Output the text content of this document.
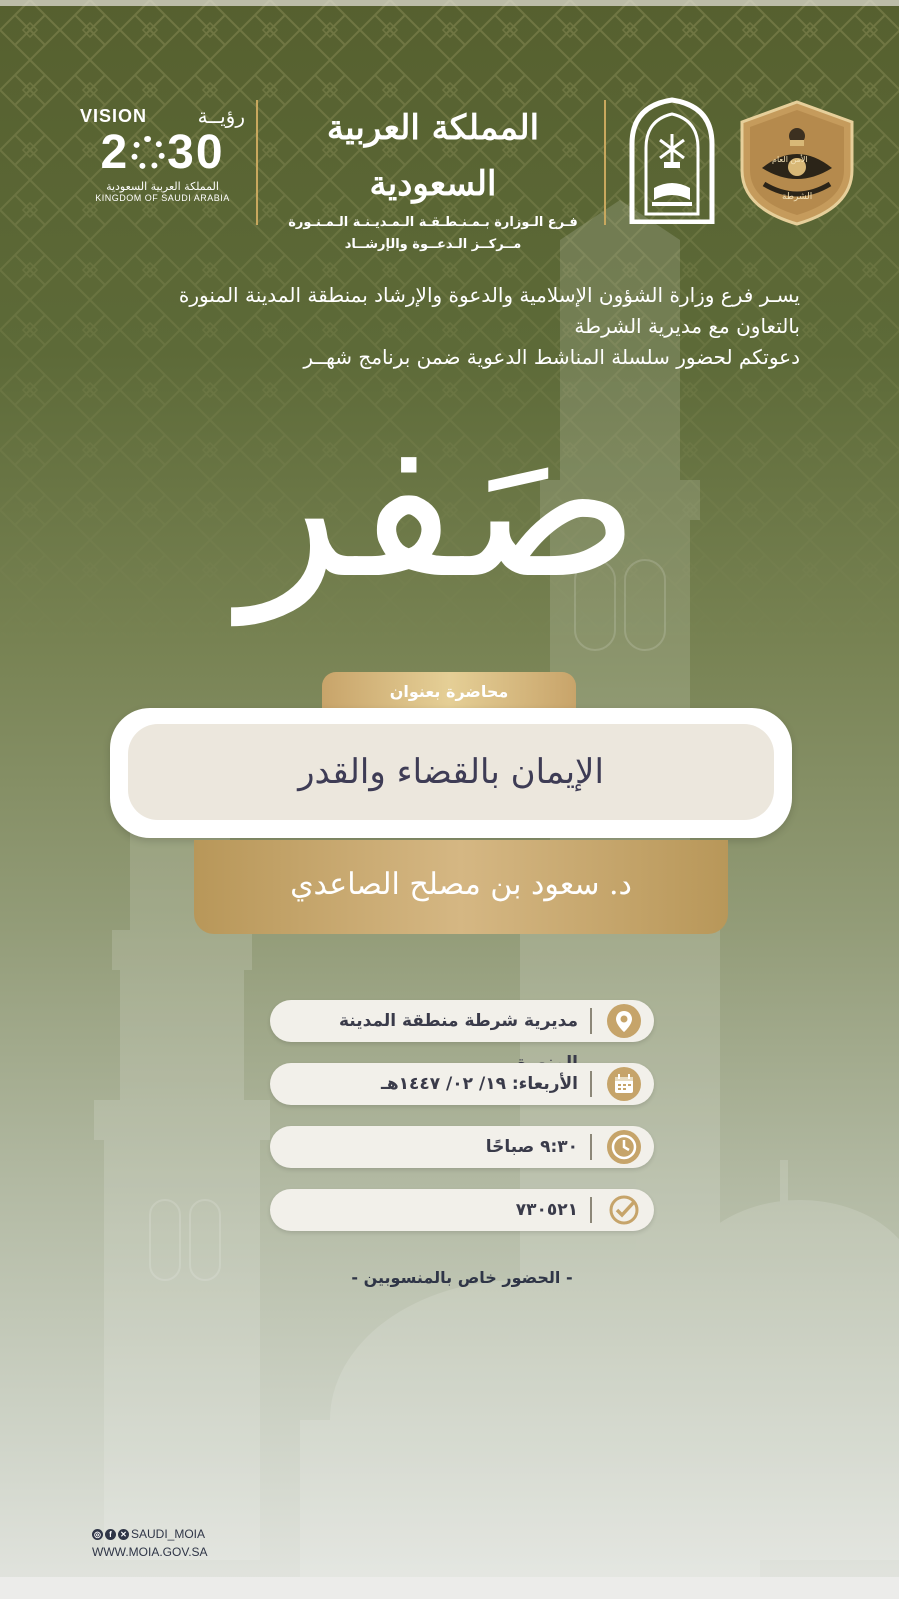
VISION	رؤيــة
2 30
المملكة العربية السعودية
KINGDOM OF SAUDI ARABIA
المملكة العربية السعودية
فـرع الـوزارة بـمـنـطـقـة الـمـديـنـة الـمـنـورة
مــركــز الـدعــوة والإرشــاد
الأمن العام
الشرطة
يسـر فرع وزارة الشؤون الإسلامية والدعوة والإرشاد بمنطقة المدينة المنورة
بالتعاون مع مديرية الشرطة
دعوتكم لحضور سلسلة المناشط الدعوية ضمن برنامج شهــر
صَفر
محاضرة بعنوان
الإيمان بالقضاء والقدر
د. سعود بن مصلح الصاعدي
مديرية شرطة منطقة المدينة
الأربعاء: ١٩/ ٠٢/ ١٤٤٧هـ
٩:٣٠ صباحًا
٧٣٠٥٢١
- الحضور خاص بالمنسوبين -
◎	f	✕ SAUDI_MOIA
WWW.MOIA.GOV.SA
